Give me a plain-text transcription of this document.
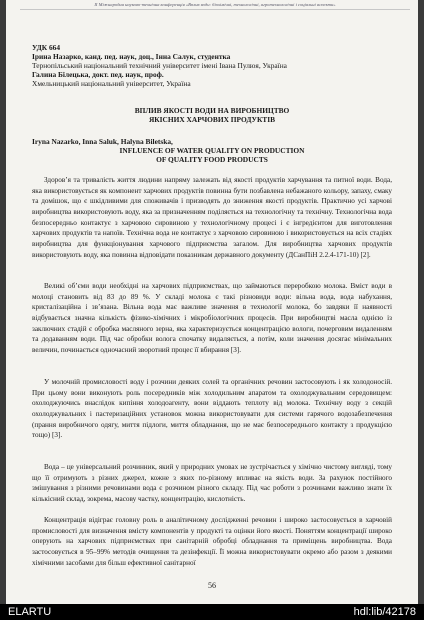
II Міжнародна науково-технічна конференція «Вплив води: біохімічні, технологічні, агротехнологічні і соціальні аспекти»
УДК 664
Ірина Назарко, канд. пед. наук, доц., Інна Салук, студентка
Тернопільський національний технічний університет імені Івана Пулюя, Україна
Галина Білецька, докт. пед. наук, проф.
Хмельницький національний університет, Україна
ВПЛИВ ЯКОСТІ ВОДИ НА ВИРОБНИЦТВО
ЯКІСНИХ ХАРЧОВИХ ПРОДУКТІВ
Iryna Nazarko, Inna Saluk, Halyna Biletska,
INFLUENCE OF WATER QUALITY ON PRODUCTION
OF QUALITY FOOD PRODUCTS
Здоров’я та тривалість життя людини напряму залежать від якості продуктів харчування та питної води. Вода, яка використовується як компонент харчових продуктів повинна бути позбавлена небажаного кольору, запаху, смаку та домішок, що є шкідливими для споживачів і призводять до зниження якості продуктів. Практично усі харчові виробництва використовують воду, яка за призначенням поділяється на технологічну та технічну. Технологічна вода безпосередньо контактує з харчовою сировиною у технологічному процесі і є інгредієнтом для виготовлення харчових продуктів та напоїв. Технічна вода не контактує з харчовою сировиною і використовується на всіх стадіях виробництва для функціонування харчового підприємства загалом. Для виробництва харчових продуктів використовують воду, яка повинна відповідати показникам державного документу (ДСанПіН 2.2.4-171-10) [2].
Великі об’єми води необхідні на харчових підприємствах, що займаються переробкою молока. Вміст води в молоці становить від 83 до 89 %. У складі молока є такі різновиди води: вільна вода, вода набухання, кристалізаційна і зв’язана. Вільна вода має важливе значення в технології молока, бо завдяки її наявності відбувається значна кількість фізико-хімічних і мікробіологічних процесів. При виробництві масла однією із заключних стадій є обробка масляного зерна, яка характеризується концентрацією вологи, почерговим видаленням та додаванням води. Під час обробки волога спочатку видаляється, а потім, коли значення досягає мінімальних величин, починається одночасний зворотний процес її вбирання [3].
У молочній промисловості воду і розчини деяких солей та органічних речовин застосовують і як холодоносій. При цьому вони виконують роль посередників між холодильним апаратом та охолоджувальним середовищем: охолоджуючись внаслідок кипіння холодоагенту, вони віддають теплоту від молока. Технічну воду з секцій охолоджувальних і пастеризаційних установок можна використовувати для системи гарячого водозабезпечення (прання виробничого одягу, миття підлоги, миття обладнання, що не має безпосереднього контакту з продукцією тощо) [3].
Вода – це універсальний розчинник, який у природних умовах не зустрічається у хімічно чистому вигляді, тому що її отримують з різних джерел, кожне з яких по-різному впливає на якість води. За рахунок постійного змішування з різними речовинами вода є розчином різного складу. Під час роботи з розчинами важливо знати їх кількісний склад, зокрема, масову частку, концентрацію, кислотність.
Концентрація відіграє головну роль в аналітичному дослідженні речовин і широко застосовується в харчовій промисловості для визначення вмісту компонентів у продукті та оцінки його якості. Поняттям концентрації широко оперують на харчових підприємствах при санітарній обробці обладнання та приміщень виробництва. Вода застосовується в 95–99% методів очищення та дезінфекції. Її можна використовувати окремо або разом з деякими хімічними засобами для більш ефективної санітарної
56
ELARTU	hdl:lib/42178
